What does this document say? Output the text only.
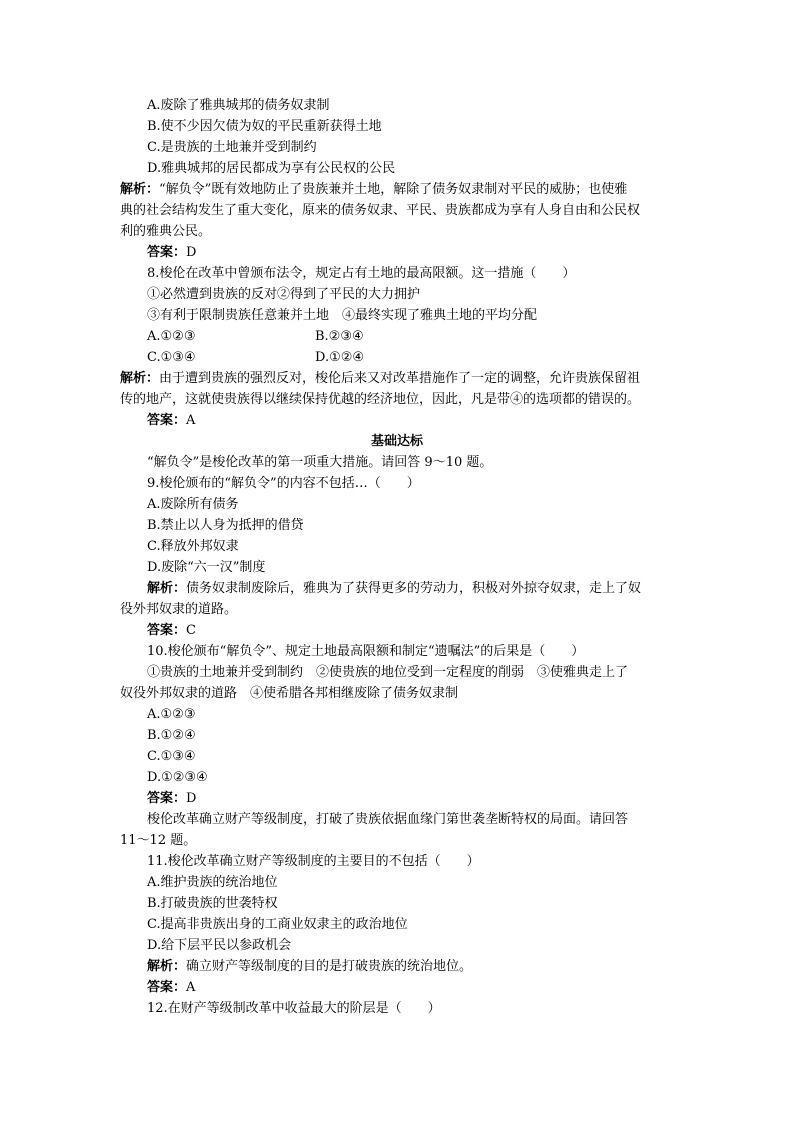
A.废除了雅典城邦的债务奴隶制
B.使不少因欠债为奴的平民重新获得土地
C.是贵族的土地兼并受到制约
D.雅典城邦的居民都成为享有公民权的公民
解析：“解负令”既有效地防止了贵族兼并土地，解除了债务奴隶制对平民的威胁；也使雅
典的社会结构发生了重大变化，原来的债务奴隶、平民、贵族都成为享有人身自由和公民权
利的雅典公民。
答案：D
8.梭伦在改革中曾颁布法令，规定占有土地的最高限额。这一措施（　　）
①必然遭到贵族的反对②得到了平民的大力拥护
③有利于限制贵族任意兼并土地　④最终实现了雅典土地的平均分配
A.①②③	B.②③④
C.①③④	D.①②④
解析：由于遭到贵族的强烈反对，梭伦后来又对改革措施作了一定的调整，允许贵族保留祖
传的地产，这就使贵族得以继续保持优越的经济地位，因此，凡是带④的选项都的错误的。
答案：A
基础达标
“解负令”是梭伦改革的第一项重大措施。请回答 9～10 题。
9.梭伦颁布的“解负令”的内容不包括…（　　）
A.废除所有债务
B.禁止以人身为抵押的借贷
C.释放外邦奴隶
D.废除“六一汉”制度
解析：债务奴隶制废除后，雅典为了获得更多的劳动力，积极对外掠夺奴隶，走上了奴
役外邦奴隶的道路。
答案：C
10.梭伦颁布“解负令”、规定土地最高限额和制定“遗嘱法”的后果是（　　）
①贵族的土地兼并受到制约　②使贵族的地位受到一定程度的削弱　③使雅典走上了
奴役外邦奴隶的道路　④使希腊各邦相继废除了债务奴隶制
A.①②③
B.①②④
C.①③④
D.①②③④
答案：D
梭伦改革确立财产等级制度，打破了贵族依据血缘门第世袭垄断特权的局面。请回答
11～12 题。
11.梭伦改革确立财产等级制度的主要目的不包括（　　）
A.维护贵族的统治地位
B.打破贵族的世袭特权
C.提高非贵族出身的工商业奴隶主的政治地位
D.给下层平民以参政机会
解析：确立财产等级制度的目的是打破贵族的统治地位。
答案：A
12.在财产等级制改革中收益最大的阶层是（　　）
